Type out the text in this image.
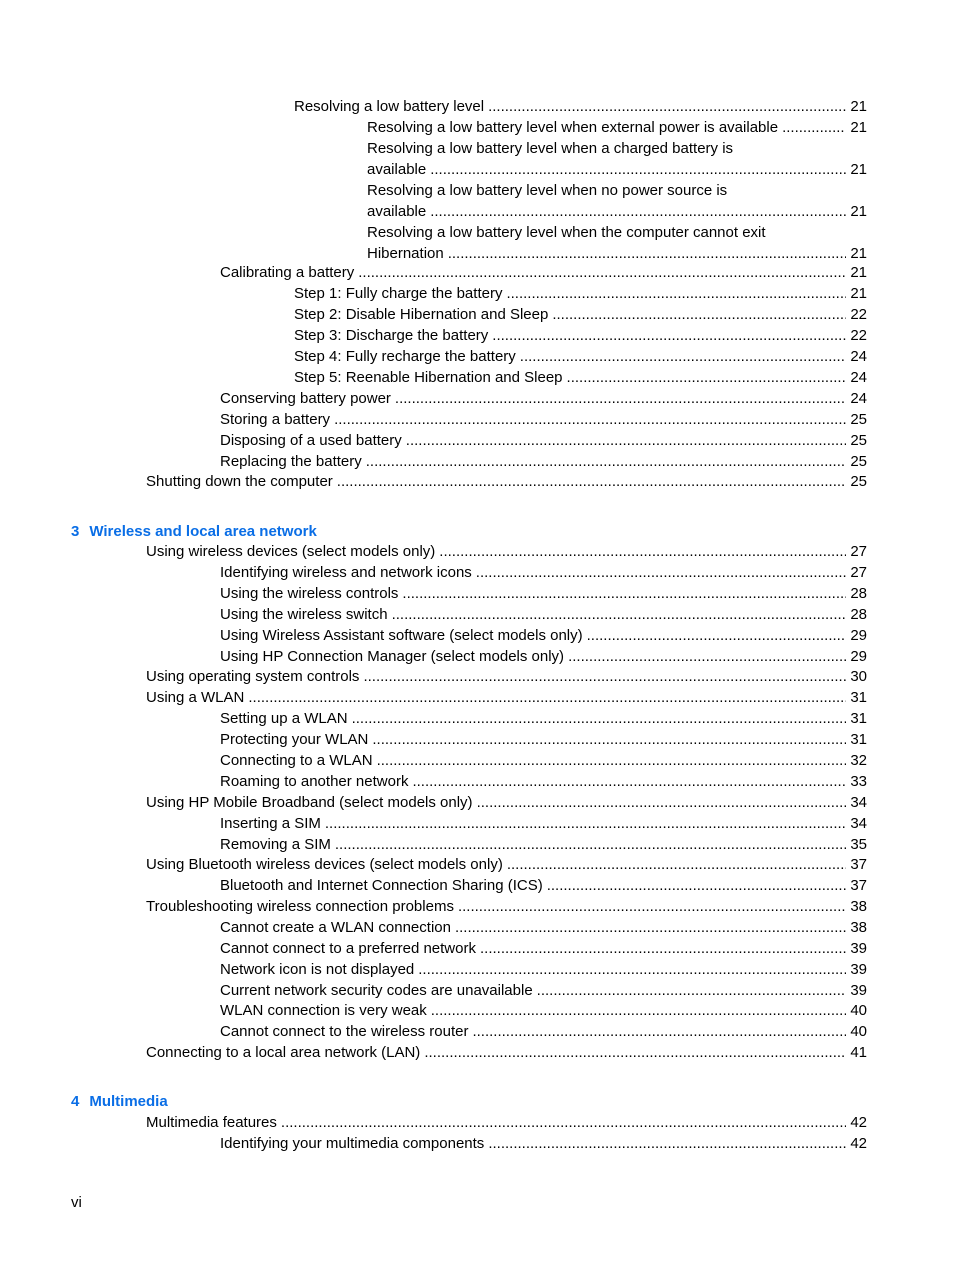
Resolving a low battery level .....	21
Resolving a low battery level when external power is available .....	21
Resolving a low battery level when a charged battery is
available .....	21
Resolving a low battery level when no power source is
available .....	21
Resolving a low battery level when the computer cannot exit
Hibernation .....	21
Calibrating a battery .....	21
Step 1: Fully charge the battery .....	21
Step 2: Disable Hibernation and Sleep .....	22
Step 3: Discharge the battery .....	22
Step 4: Fully recharge the battery .....	24
Step 5: Reenable Hibernation and Sleep .....	24
Conserving battery power .....	24
Storing a battery .....	25
Disposing of a used battery .....	25
Replacing the battery .....	25
Shutting down the computer .....	25
Using wireless devices (select models only) .....	27
Identifying wireless and network icons .....	27
Using the wireless controls .....	28
Using the wireless switch .....	28
Using Wireless Assistant software (select models only) .....	29
Using HP Connection Manager (select models only) .....	29
Using operating system controls .....	30
Using a WLAN .....	31
Setting up a WLAN .....	31
Protecting your WLAN .....	31
Connecting to a WLAN .....	32
Roaming to another network .....	33
Using HP Mobile Broadband (select models only) .....	34
Inserting a SIM .....	34
Removing a SIM .....	35
Using Bluetooth wireless devices (select models only) .....	37
Bluetooth and Internet Connection Sharing (ICS) .....	37
Troubleshooting wireless connection problems .....	38
Cannot create a WLAN connection .....	38
Cannot connect to a preferred network .....	39
Network icon is not displayed .....	39
Current network security codes are unavailable .....	39
WLAN connection is very weak .....	40
Cannot connect to the wireless router .....	40
Connecting to a local area network (LAN) .....	41
Multimedia features .....	42
Identifying your multimedia components .....	42
3 Wireless and local area network
4 Multimedia
vi
